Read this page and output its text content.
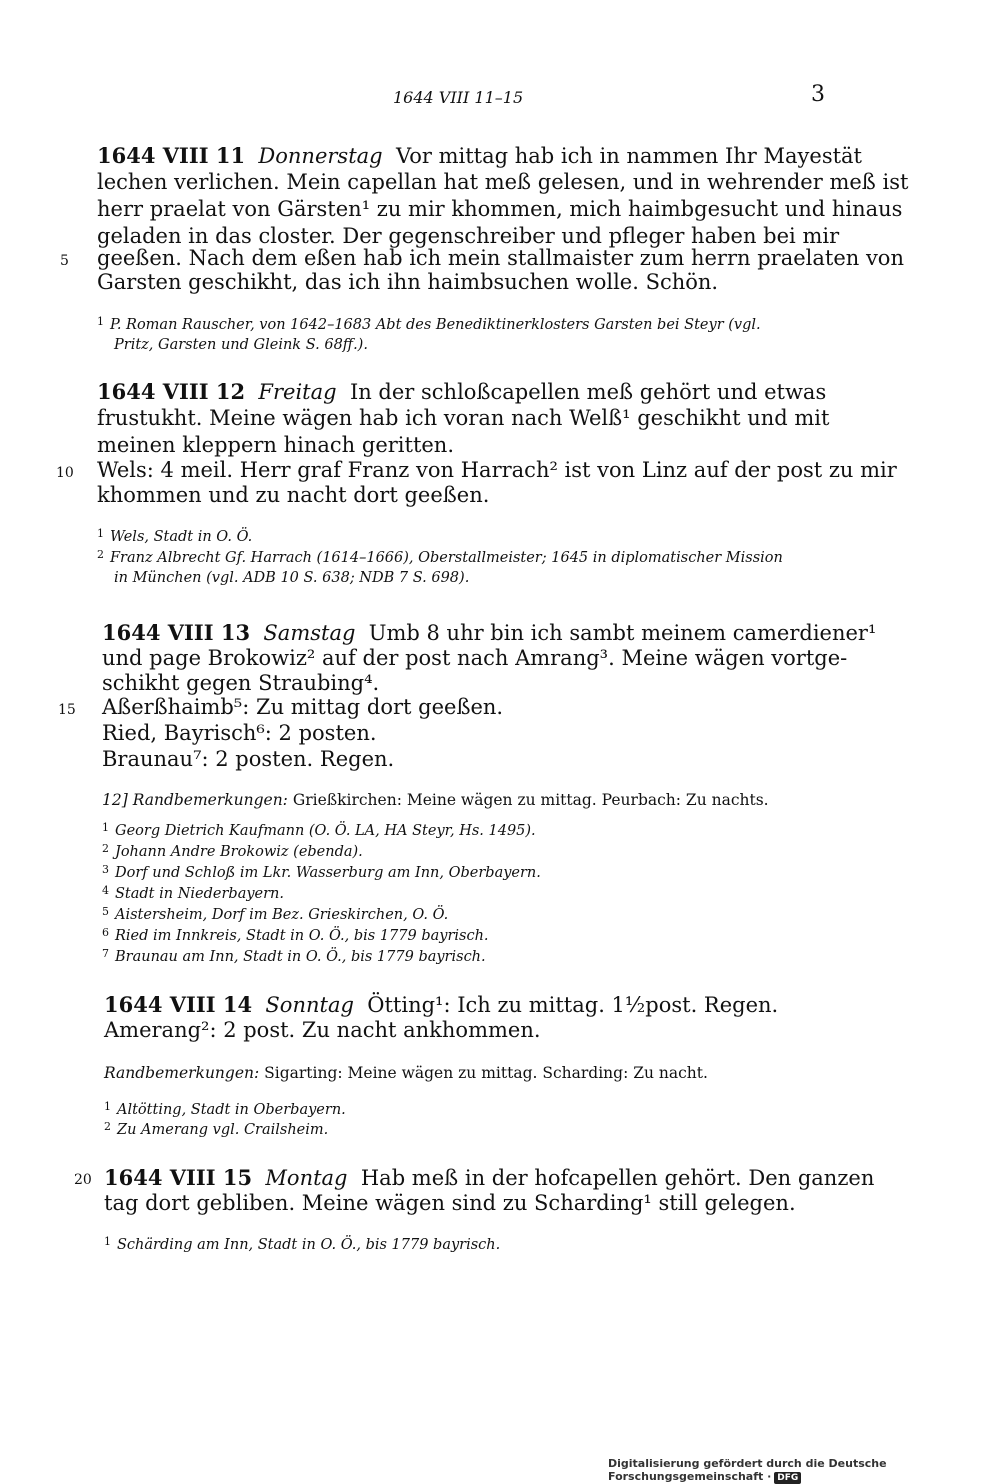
1644 VIII 11–15	3
1644 VIII 11 Donnerstag Vor mittag hab ich in nammen Ihr Mayestät
lechen verlichen. Mein capellan hat meß gelesen, und in wehrender meß ist
herr praelat von Gärsten¹ zu mir khommen, mich haimbgesucht und hinaus
geladen in das closter. Der gegenschreiber und pfleger haben bei mir
5 geeßen. Nach dem eßen hab ich mein stallmaister zum herrn praelaten von
Garsten geschikht, das ich ihn haimbsuchen wolle. Schön.
$^1$ P. Roman Rauscher, von 1642–1683 Abt des Benediktinerklosters Garsten bei Steyr (vgl.
Pritz, Garsten und Gleink S. 68ff.).
1644 VIII 12 Freitag In der schloßcapellen meß gehört und etwas
frustukht. Meine wägen hab ich voran nach Welß¹ geschikht und mit
meinen kleppern hinach geritten.
10 Wels: 4 meil. Herr graf Franz von Harrach² ist von Linz auf der post zu mir
khommen und zu nacht dort geeßen.
$^1$ Wels, Stadt in O. Ö.
$^2$ Franz Albrecht Gf. Harrach (1614–1666), Oberstallmeister; 1645 in diplomatischer Mission
in München (vgl. ADB 10 S. 638; NDB 7 S. 698).
1644 VIII 13 Samstag Umb 8 uhr bin ich sambt meinem camerdiener¹
und page Brokowiz² auf der post nach Amrang³. Meine wägen vortge-
schikht gegen Straubing⁴.
15 Aßerßhaimb⁵: Zu mittag dort geeßen.
Ried, Bayrisch⁶: 2 posten.
Braunau⁷: 2 posten. Regen.
12] Randbemerkungen: Grießkirchen: Meine wägen zu mittag. Peurbach: Zu nachts.
$^1$ Georg Dietrich Kaufmann (O. Ö. LA, HA Steyr, Hs. 1495).
$^2$ Johann Andre Brokowiz (ebenda).
$^3$ Dorf und Schloß im Lkr. Wasserburg am Inn, Oberbayern.
$^4$ Stadt in Niederbayern.
$^5$ Aistersheim, Dorf im Bez. Grieskirchen, O. Ö.
$^6$ Ried im Innkreis, Stadt in O. Ö., bis 1779 bayrisch.
$^7$ Braunau am Inn, Stadt in O. Ö., bis 1779 bayrisch.
1644 VIII 14 Sonntag Ötting¹: Ich zu mittag. 1½post. Regen.
Amerang²: 2 post. Zu nacht ankhommen.
Randbemerkungen: Sigarting: Meine wägen zu mittag. Scharding: Zu nacht.
$^1$ Altötting, Stadt in Oberbayern.
$^2$ Zu Amerang vgl. Crailsheim.
20 1644 VIII 15 Montag Hab meß in der hofcapellen gehört. Den ganzen
tag dort gebliben. Meine wägen sind zu Scharding¹ still gelegen.
$^1$ Schärding am Inn, Stadt in O. Ö., bis 1779 bayrisch.
Digitalisierung gefördert durch die Deutsche Forschungsgemeinschaft · DFG
